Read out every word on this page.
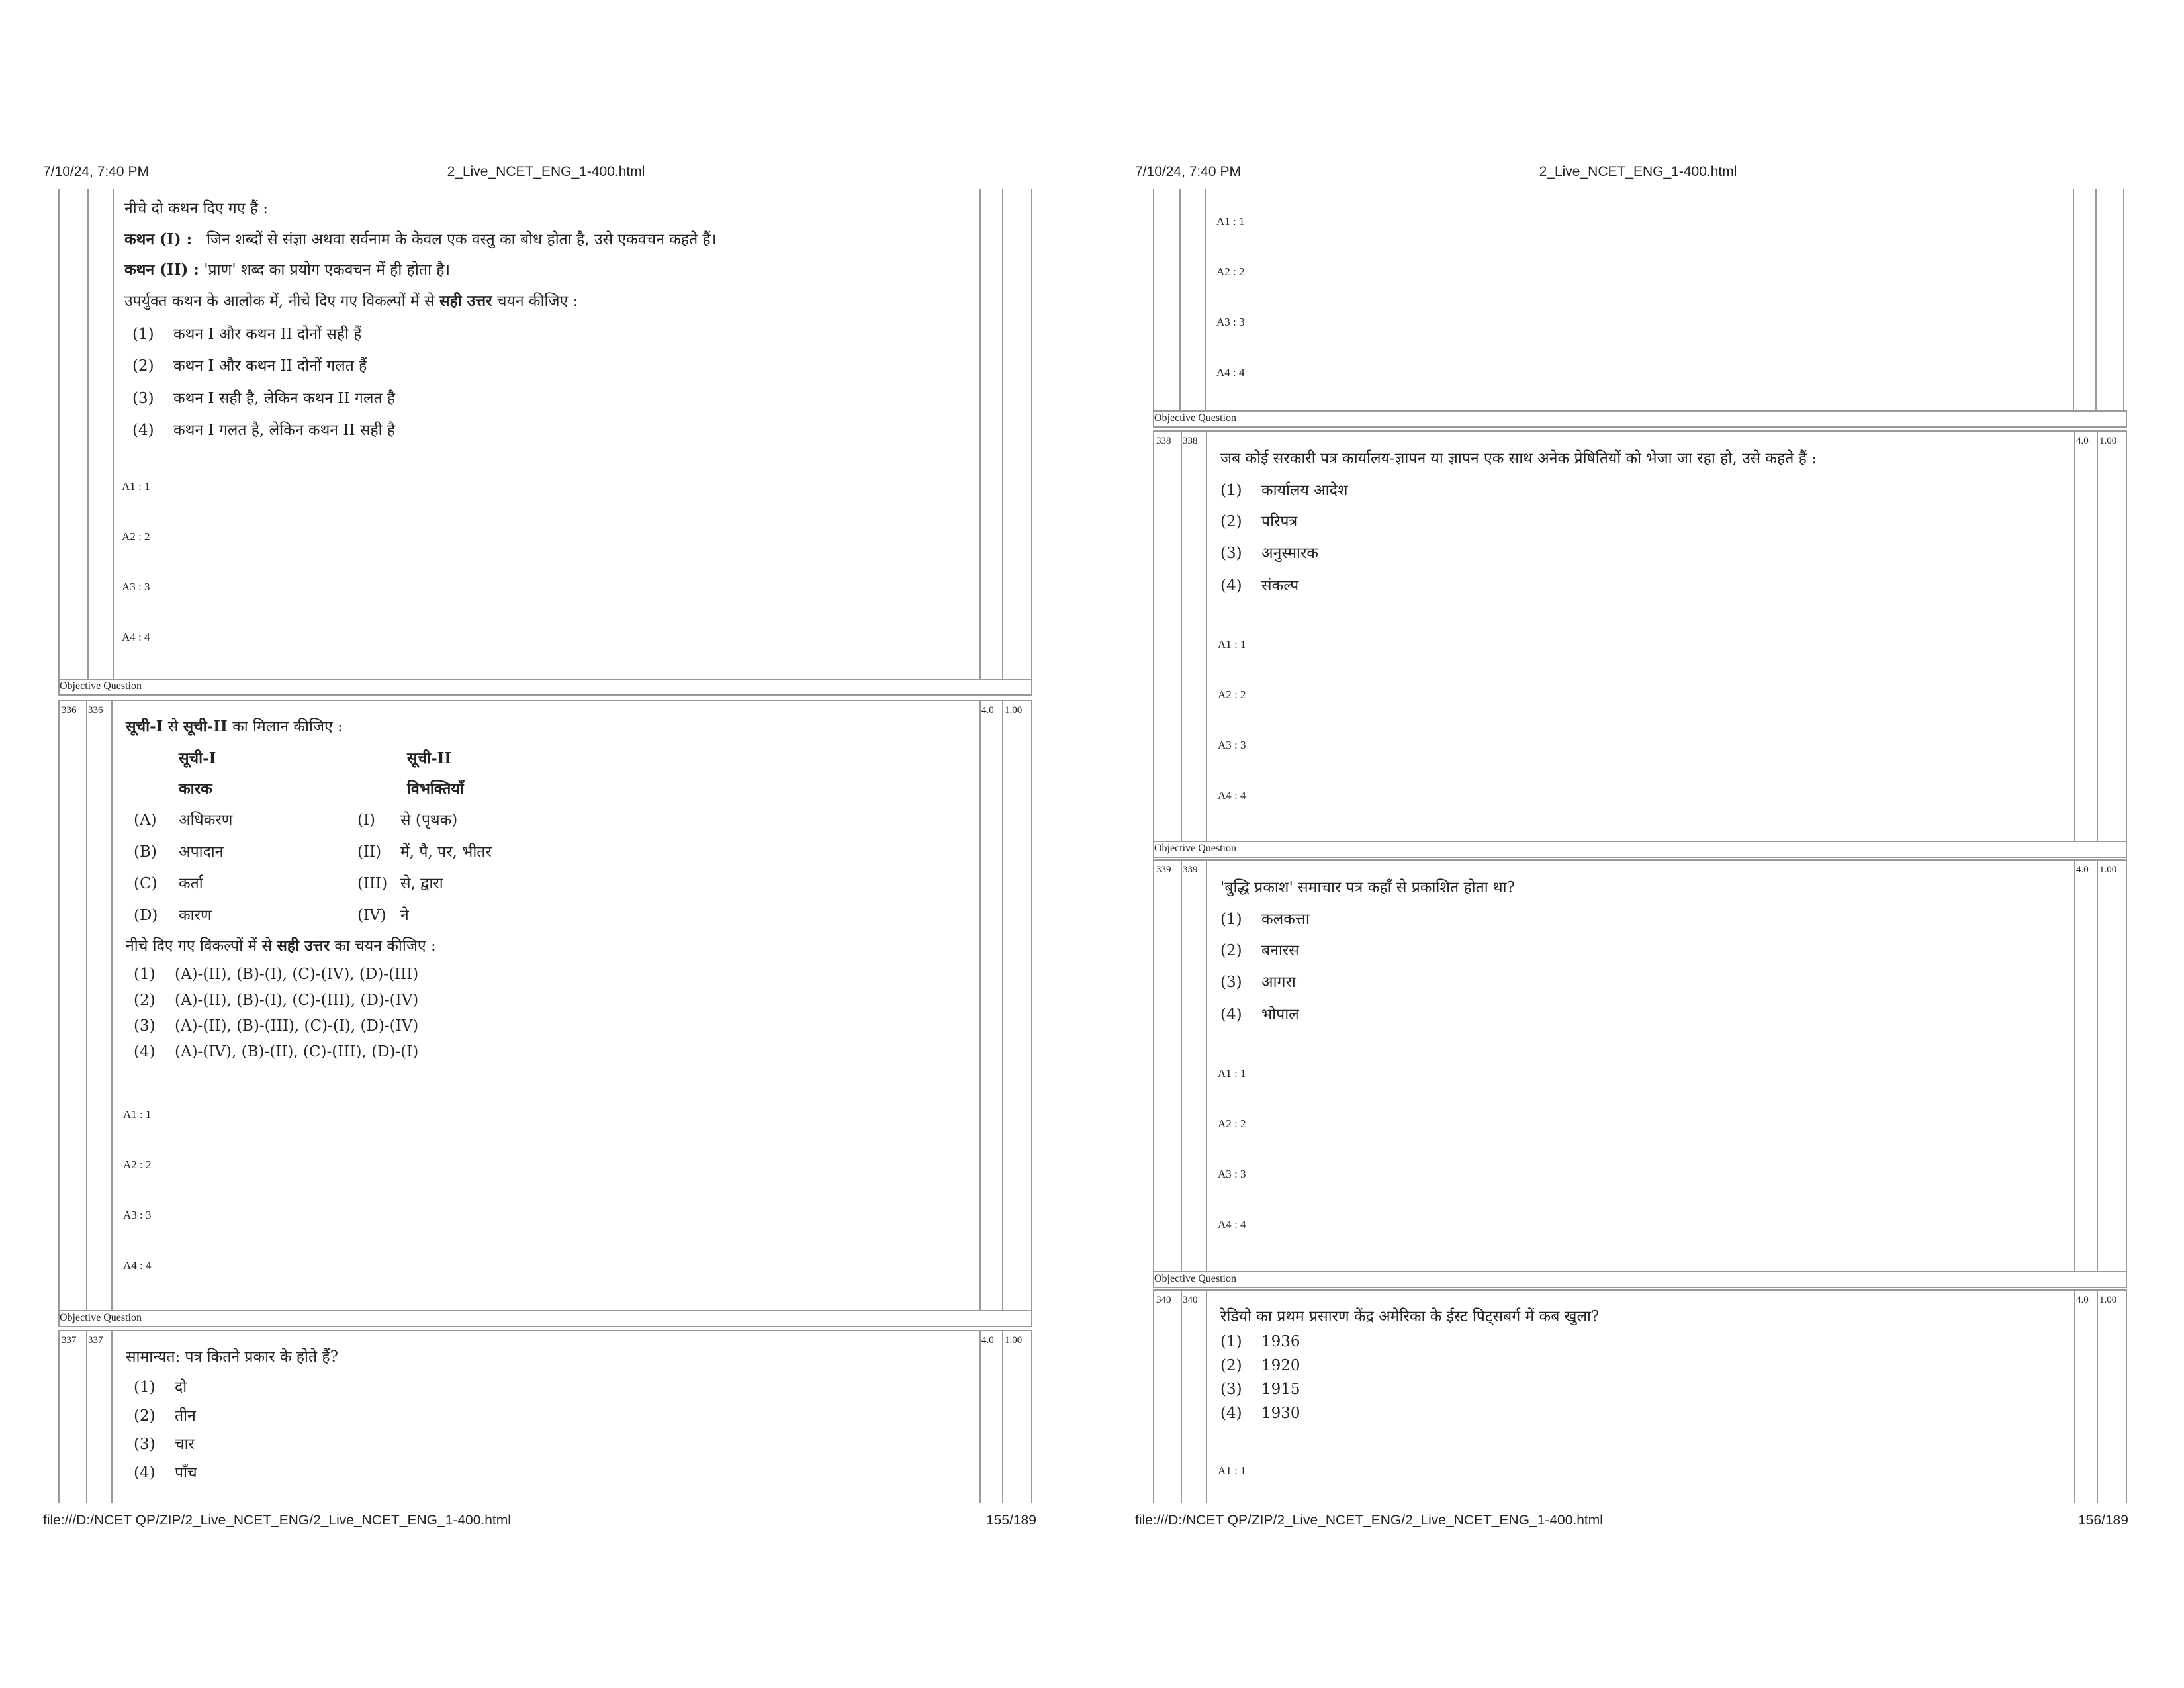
7/10/24, 7:40 PM	2_Live_NCET_ENG_1-400.html
नीचे दो कथन दिए गए हैं :
कथन (I) : जिन शब्दों से संज्ञा अथवा सर्वनाम के केवल एक वस्तु का बोध होता है, उसे एकवचन कहते हैं।
कथन (II) : 'प्राण' शब्द का प्रयोग एकवचन में ही होता है।
उपर्युक्त कथन के आलोक में, नीचे दिए गए विकल्पों में से सही उत्तर चयन कीजिए :
(1) कथन I और कथन II दोनों सही हैं
(2) कथन I और कथन II दोनों गलत हैं
(3) कथन I सही है, लेकिन कथन II गलत है
(4) कथन I गलत है, लेकिन कथन II सही है
A1 : 1
A2 : 2
A3 : 3
A4 : 4
Objective Question
336 336	4.0 1.00
सूची-I से सूची-II का मिलान कीजिए :
सूची-I	सूची-II
कारक	विभक्तियाँ
(A) अधिकरण	(I) से (पृथक)
(B) अपादान	(II) में, पै, पर, भीतर
(C) कर्ता	(III) से, द्वारा
(D) कारण	(IV) ने
नीचे दिए गए विकल्पों में से सही उत्तर का चयन कीजिए :
(1) (A)-(II), (B)-(I), (C)-(IV), (D)-(III)
(2) (A)-(II), (B)-(I), (C)-(III), (D)-(IV)
(3) (A)-(II), (B)-(III), (C)-(I), (D)-(IV)
(4) (A)-(IV), (B)-(II), (C)-(III), (D)-(I)
A1 : 1
A2 : 2
A3 : 3
A4 : 4
Objective Question
337 337	4.0 1.00
सामान्यत: पत्र कितने प्रकार के होते हैं?
(1) दो
(2) तीन
(3) चार
(4) पाँच
file:///D:/NCET QP/ZIP/2_Live_NCET_ENG/2_Live_NCET_ENG_1-400.html	155/189
7/10/24, 7:40 PM	2_Live_NCET_ENG_1-400.html
A1 : 1
A2 : 2
A3 : 3
A4 : 4
Objective Question
338 338	4.0 1.00
जब कोई सरकारी पत्र कार्यालय-ज्ञापन या ज्ञापन एक साथ अनेक प्रेषितियों को भेजा जा रहा हो, उसे कहते हैं :
(1) कार्यालय आदेश
(2) परिपत्र
(3) अनुस्मारक
(4) संकल्प
A1 : 1
A2 : 2
A3 : 3
A4 : 4
Objective Question
339 339	4.0 1.00
'बुद्धि प्रकाश' समाचार पत्र कहाँ से प्रकाशित होता था?
(1) कलकत्ता
(2) बनारस
(3) आगरा
(4) भोपाल
A1 : 1
A2 : 2
A3 : 3
A4 : 4
Objective Question
340 340	4.0 1.00
रेडियो का प्रथम प्रसारण केंद्र अमेरिका के ईस्ट पिट्सबर्ग में कब खुला?
(1) 1936
(2) 1920
(3) 1915
(4) 1930
A1 : 1
file:///D:/NCET QP/ZIP/2_Live_NCET_ENG/2_Live_NCET_ENG_1-400.html	156/189
